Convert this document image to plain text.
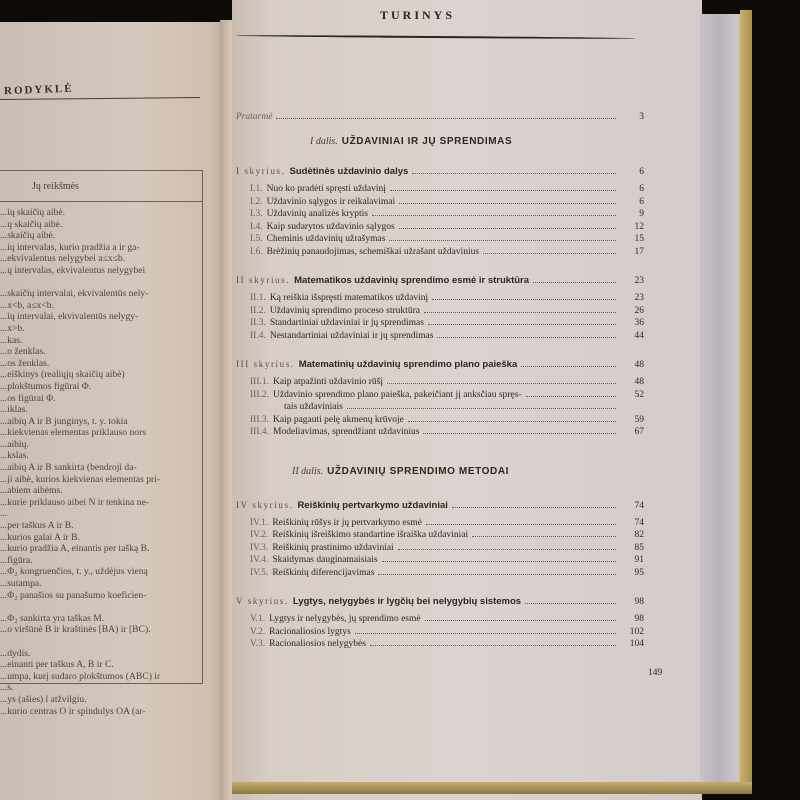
RODYKLĖ
Jų reikšmės
...ių skaičių aibė.
...ų skaičių aibė.
...skaičių aibė.
...ių intervalas, kurio pradžia a ir ga-
...ekvivalentus nelygybei a≤x≤b.
...ų intervalas, ekvivalentus nelygybei

...skaičių intervalai, ekvivalentūs nely-
...x<b, a≤x<b.
...ių intervalai, ekvivalentūs nelygy-
...x>b.
...kas.
...o ženklas.
...os ženklas.
...eiškinys (realiųjų skaičių aibė)
...plokštumos figūrai Φ.
...os figūrai Φ.
...iklas.
...aibių A ir B junginys, t. y. tokia
...kiekvienas elementas priklauso nors
...aibių.
...kslas.
...aibių A ir B sankirta (bendroji da-
...ji aibė, kurios kiekvienas elementas pri-
...abiem aibėms.
...kurie priklauso aibei N ir tenkina ne-
...
...per taškus A ir B.
...kurios galai A ir B.
...kurio pradžia A, einantis per tašką B.
...figūra.
...Φ₂ kongruenčios, t. y., uždėjus vieną
...sutampa.
...Φ₂ panašios su panašumo koeficien-

...Φ₂ sankirta yra taškas M.
...o viršūnė B ir kraštinės [BA) ir [BC).

...dydis.
...einanti per taškus A, B ir C.
...umpa, kurį sudaro plokštumos (ABC) ir
...s.
...ys (ašies) l atžvilgiu.
...kurio centras O ir spindulys OA (ar-
TURINYS
Pratarmė	3
I dalis. UŽDAVINIAI IR JŲ SPRENDIMAS
I skyrius. Sudėtinės uždavinio dalys	6
I.1. Nuo ko pradėti spręsti uždavinį	6
I.2. Uždavinio sąlygos ir reikalavimai	6
I.3. Uždavinių analizės kryptis	9
I.4. Kaip sudarytos uždavinio sąlygos	12
I.5. Cheminis uždavinių užrašymas	15
I.6. Brėžinių panaudojimas, schemiškai užrašant uždavinius	17
II skyrius. Matematikos uždavinių sprendimo esmė ir struktūra	23
II.1. Ką reiškia išspręsti matematikos uždavinį	23
II.2. Uždavinių sprendimo proceso struktūra	26
II.3. Standartiniai uždaviniai ir jų sprendimas	36
II.4. Nestandartiniai uždaviniai ir jų sprendimas	44
III skyrius. Matematinių uždavinių sprendimo plano paieška	48
III.1. Kaip atpažinti uždavinio rūšį	48
III.2. Uždavinio sprendimo plano paieška, pakeičiant jį anksčiau spręs-	52
tais uždaviniais
III.3. Kaip pagauti pelę akmenų krūvoje	59
III.4. Modeliavimas, sprendžiant uždavinius	67
II dalis. UŽDAVINIŲ SPRENDIMO METODAI
IV skyrius. Reiškinių pertvarkymo uždaviniai	74
IV.1. Reiškinių rūšys ir jų pertvarkymo esmė	74
IV.2. Reiškinių išreiškimo standartine išraiška uždaviniai	82
IV.3. Reiškinių prastinimo uždaviniai	85
IV.4. Skaidymas dauginamaisiais	91
IV.5. Reiškinių diferencijavimas	95
V skyrius. Lygtys, nelygybės ir lygčių bei nelygybių sistemos	98
V.1. Lygtys ir nelygybės, jų sprendimo esmė	98
V.2. Racionaliosios lygtys	102
V.3. Racionaliosios nelygybės	104
149
